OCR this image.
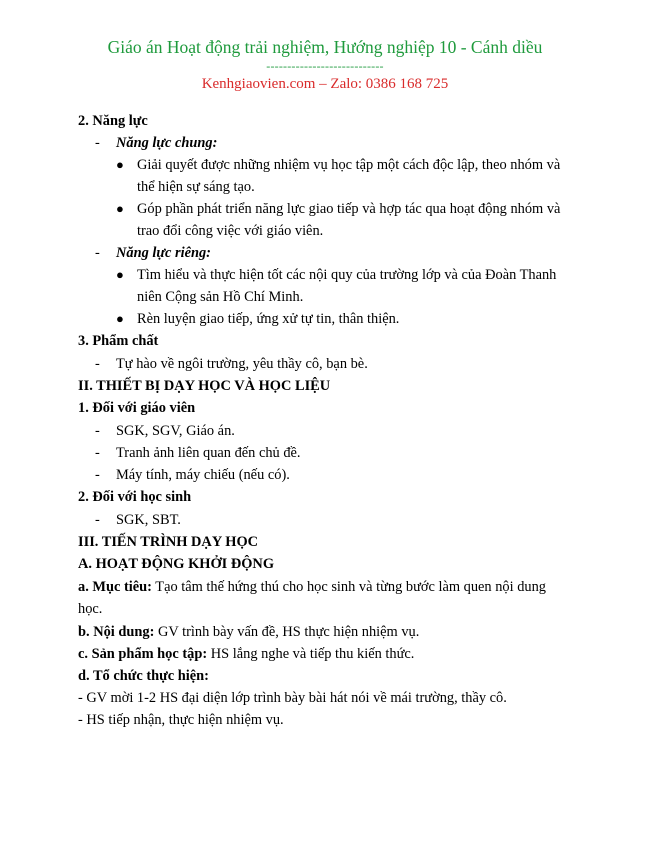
Giáo án Hoạt động trải nghiệm, Hướng nghiệp 10 - Cánh diều
----------------------------
Kenhgiaovien.com – Zalo: 0386 168 725
2. Năng lực
- Năng lực chung:
● Giải quyết được những nhiệm vụ học tập một cách độc lập, theo nhóm và
thể hiện sự sáng tạo.
● Góp phần phát triển năng lực giao tiếp và hợp tác qua hoạt động nhóm và
trao đổi công việc với giáo viên.
- Năng lực riêng:
● Tìm hiểu và thực hiện tốt các nội quy của trường lớp và của Đoàn Thanh
niên Cộng sản Hồ Chí Minh.
● Rèn luyện giao tiếp, ứng xử tự tin, thân thiện.
3. Phẩm chất
- Tự hào về ngôi trường, yêu thầy cô, bạn bè.
II. THIẾT BỊ DẠY HỌC VÀ HỌC LIỆU
1. Đối với giáo viên
- SGK, SGV, Giáo án.
- Tranh ảnh liên quan đến chủ đề.
- Máy tính, máy chiếu (nếu có).
2. Đối với học sinh
- SGK, SBT.
III. TIẾN TRÌNH DẠY HỌC
A. HOẠT ĐỘNG KHỞI ĐỘNG
a. Mục tiêu: Tạo tâm thế hứng thú cho học sinh và từng bước làm quen nội dung
học.
b. Nội dung: GV trình bày vấn đề, HS thực hiện nhiệm vụ.
c. Sản phẩm học tập: HS lắng nghe và tiếp thu kiến thức.
d. Tổ chức thực hiện:
- GV mời 1-2 HS đại diện lớp trình bày bài hát nói về mái trường, thầy cô.
- HS tiếp nhận, thực hiện nhiệm vụ.
